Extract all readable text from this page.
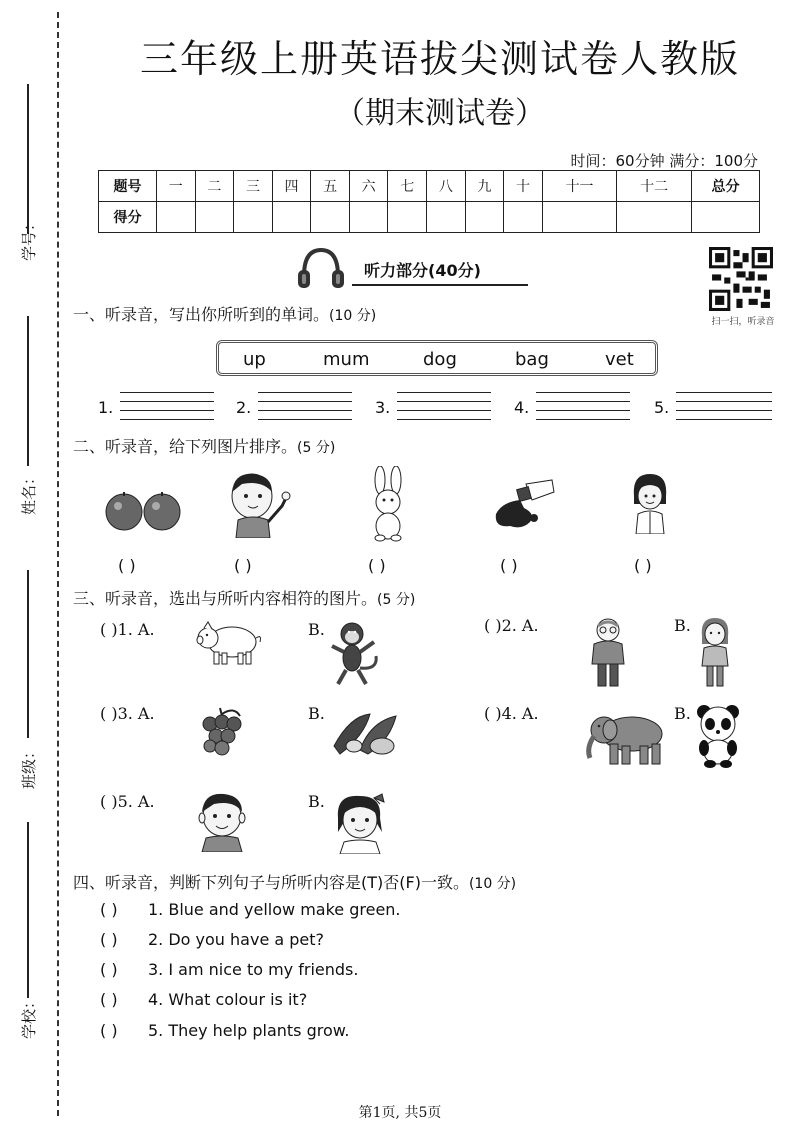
学号：
姓名：
班级：
学校：
三年级上册英语拔尖测试卷人教版
（期末测试卷）
时间：60分钟 满分：100分
题号	一	二	三	四	五	六	七	八	九	十	十一	十二	总分
得分													
听力部分(40分)
扫一扫，听录音
一、听录音，写出你所听到的单词。(10 分)
up	mum	dog	bag	vet
1.	2.	3.	4.	5.
二、听录音，给下列图片排序。(5 分)
( )	( )	( )	( )	( )
三、听录音，选出与所听内容相符的图片。(5 分)
( )1. A.	B.	( )2. A.	B.
( )3. A.	B.	( )4. A.	B.
( )5. A.	B.
四、听录音，判断下列句子与所听内容是(T)否(F)一致。(10 分)
( ) 1. Blue and yellow make green.
( ) 2. Do you have a pet?
( ) 3. I am nice to my friends.
( ) 4. What colour is it?
( ) 5. They help plants grow.
第1页, 共5页
